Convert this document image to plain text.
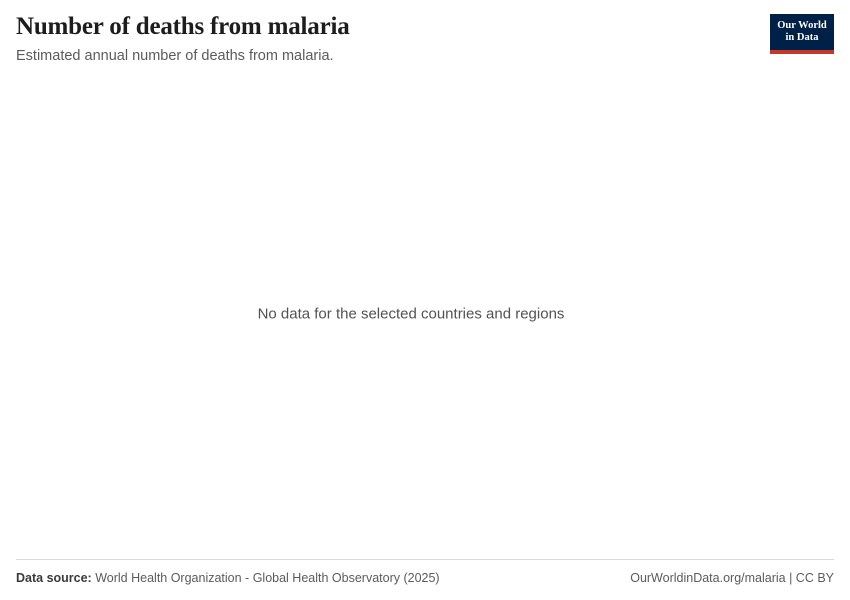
Number of deaths from malaria

Estimated annual number of deaths from malaria.

Our World
in Data
No data for the selected countries and regions
Data source: World Health Organization - Global Health Observatory (2025)	OurWorldinData.org/malaria | CC BY
